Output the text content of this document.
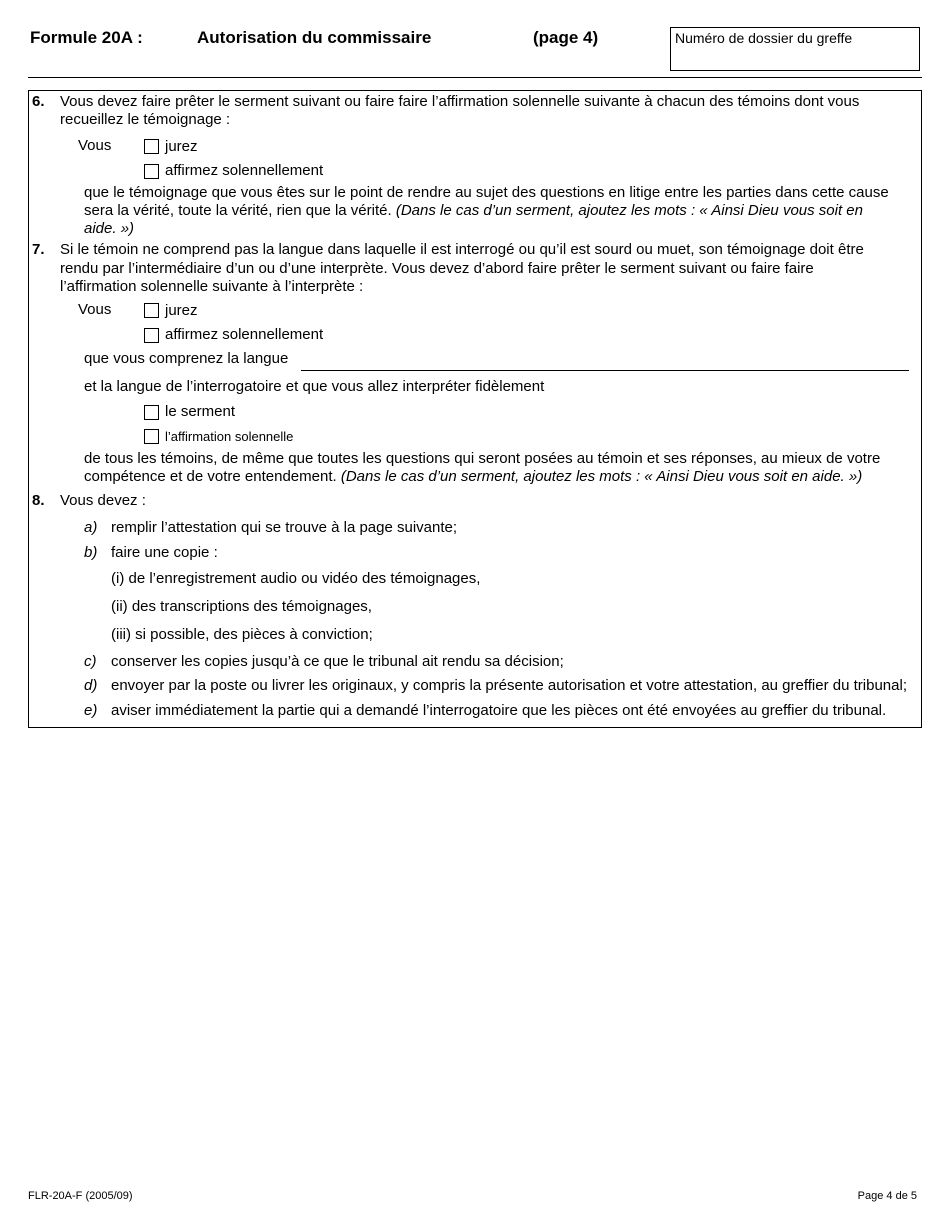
Formule 20A :	Autorisation du commissaire	(page 4)	Numéro de dossier du greffe
6. Vous devez faire prêter le serment suivant ou faire faire l’affirmation solennelle suivante à chacun des témoins dont vous
recueillez le témoignage :
Vous	jurez
affirmez solennellement
que le témoignage que vous êtes sur le point de rendre au sujet des questions en litige entre les parties dans cette cause
sera la vérité, toute la vérité, rien que la vérité. (Dans le cas d’un serment, ajoutez les mots : « Ainsi Dieu vous soit en
aide. »)
7. Si le témoin ne comprend pas la langue dans laquelle il est interrogé ou qu’il est sourd ou muet, son témoignage doit être
rendu par l’intermédiaire d’un ou d’une interprète. Vous devez d’abord faire prêter le serment suivant ou faire faire
l’affirmation solennelle suivante à l’interprète :
Vous	jurez
affirmez solennellement
que vous comprenez la langue
et la langue de l’interrogatoire et que vous allez interpréter fidèlement
le serment
l’affirmation solennelle
de tous les témoins, de même que toutes les questions qui seront posées au témoin et ses réponses, au mieux de votre
compétence et de votre entendement. (Dans le cas d’un serment, ajoutez les mots : « Ainsi Dieu vous soit en aide. »)
8. Vous devez :
a) remplir l’attestation qui se trouve à la page suivante;
b) faire une copie :
(i) de l’enregistrement audio ou vidéo des témoignages,
(ii) des transcriptions des témoignages,
(iii) si possible, des pièces à conviction;
c) conserver les copies jusqu’à ce que le tribunal ait rendu sa décision;
d) envoyer par la poste ou livrer les originaux, y compris la présente autorisation et votre attestation, au greffier du tribunal;
e) aviser immédiatement la partie qui a demandé l’interrogatoire que les pièces ont été envoyées au greffier du tribunal.
FLR-20A-F (2005/09)	Page 4 de 5
